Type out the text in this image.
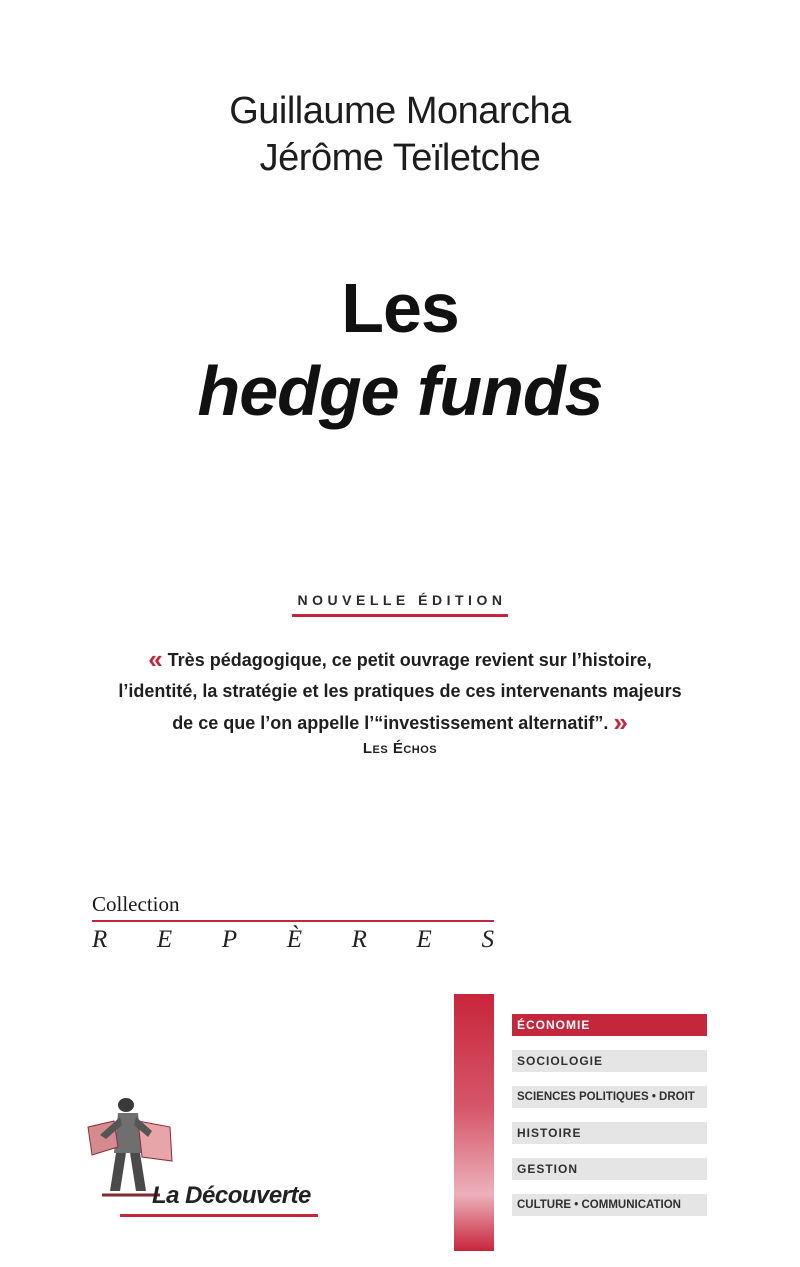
Guillaume Monarcha
Jérôme Teïletche
Les
hedge funds
NOUVELLE ÉDITION
« Très pédagogique, ce petit ouvrage revient sur l’histoire,
l’identité, la stratégie et les pratiques de ces intervenants majeurs
de ce que l’on appelle l’“investissement alternatif”. »
Les Échos
Collection
R E P È R E S
ÉCONOMIE
SOCIOLOGIE
SCIENCES POLITIQUES • DROIT
HISTOIRE
GESTION
CULTURE • COMMUNICATION
La Découverte
